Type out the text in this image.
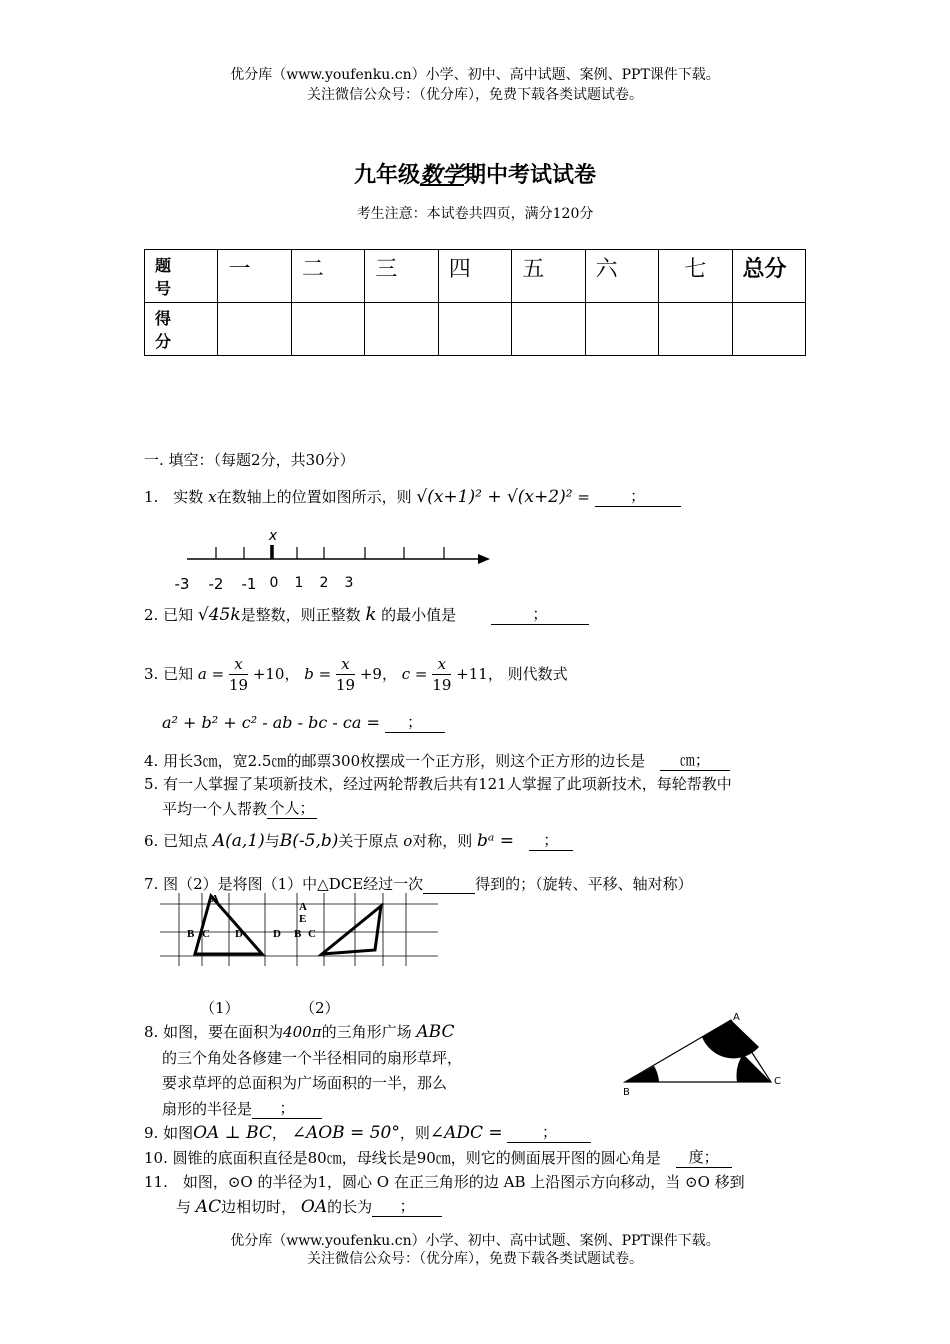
优分库（www.youfenku.cn）小学、初中、高中试题、案例、PPT课件下载。
关注微信公众号：（优分库），免费下载各类试题试卷。
九年级数学期中考试试卷
考生注意：本试卷共四页，满分120分
题 号	一	二	三	四	五	六	七	总分
得 分								
一. 填空：（每题2分，共30分）
1.　实数 x在数轴上的位置如图所示，则 √(x+1)² + √(x+2)² =	；
x
-3 -2 -1 0 1 2 3
2. 已知 √45k是整数，则正整数 k 的最小值是	；
3. 已知 $a = \frac{x}{19} +10$， $b = \frac{x}{19} +9$， $c = \frac{x}{19} +11$， 则代数式
a² + b² + c² - ab - bc - ca = ；
4. 用长3㎝，宽2.5㎝的邮票300枚摆成一个正方形，则这个正方形的边长是 ㎝；
5. 有一人掌握了某项新技术，经过两轮帮教后共有121人掌握了此项新技术，每轮帮教中
平均一个人帮教 个人；
6. 已知点 A(a,1)与B(-5,b)关于原点 o对称，则 bᵃ = ；
7. 图（2）是将图（1）中△DCE经过一次	得到的；（旋转、平移、轴对称）
A
B C D	D
A
E
B C
（1）	（2）
8. 如图，要在面积为400π的三角形广场 ABC
的三个角处各修建一个半径相同的扇形草坪，
要求草坪的总面积为广场面积的一半，那么
扇形的半径是 ；
A
B
C
9. 如图OA ⊥ BC， ∠AOB = 50°，则∠ADC =	；
10. 圆锥的底面积直径是80㎝，母线长是90㎝，则它的侧面展开图的圆心角是 度；
11.　如图，⊙O 的半径为1，圆心 O 在正三角形的边 AB 上沿图示方向移动，当 ⊙O 移到
与 AC边相切时， OA的长为 ；
优分库（www.youfenku.cn）小学、初中、高中试题、案例、PPT课件下载。
关注微信公众号：（优分库），免费下载各类试题试卷。
